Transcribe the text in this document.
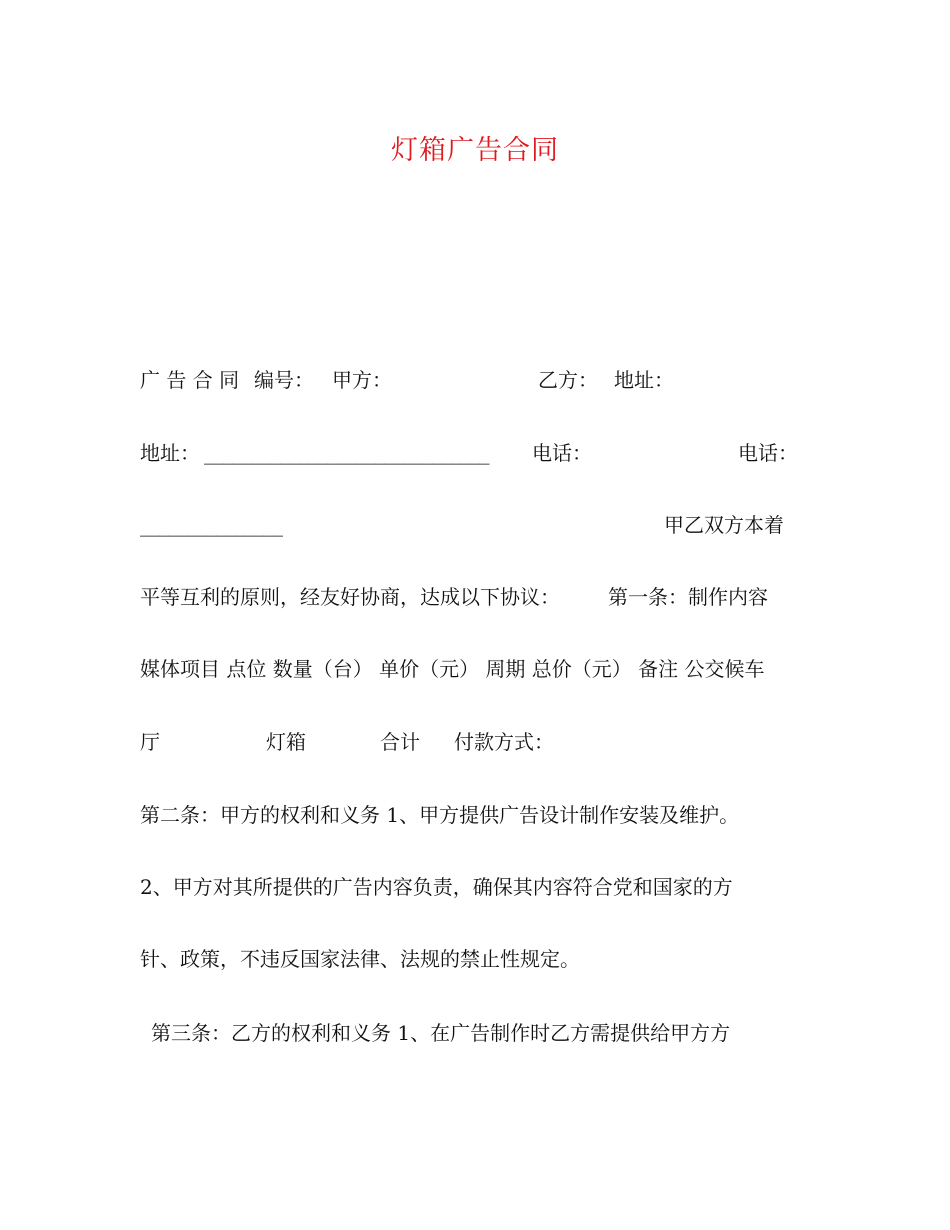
灯箱广告合同
广 告 合 同 编号： 甲方：	乙方： 地址：
地址： ______________________________ 电话：	电话：
_______________	甲乙双方本着
平等互利的原则，经友好协商，达成以下协议： 第一条：制作内容
媒体项目 点位 数量（台） 单价（元） 周期 总价（元） 备注 公交候车
厅	灯箱	合计 付款方式：
第二条：甲方的权利和义务 1、甲方提供广告设计制作安装及维护。
2、甲方对其所提供的广告内容负责，确保其内容符合党和国家的方
针、政策，不违反国家法律、法规的禁止性规定。
第三条：乙方的权利和义务 1、在广告制作时乙方需提供给甲方方
